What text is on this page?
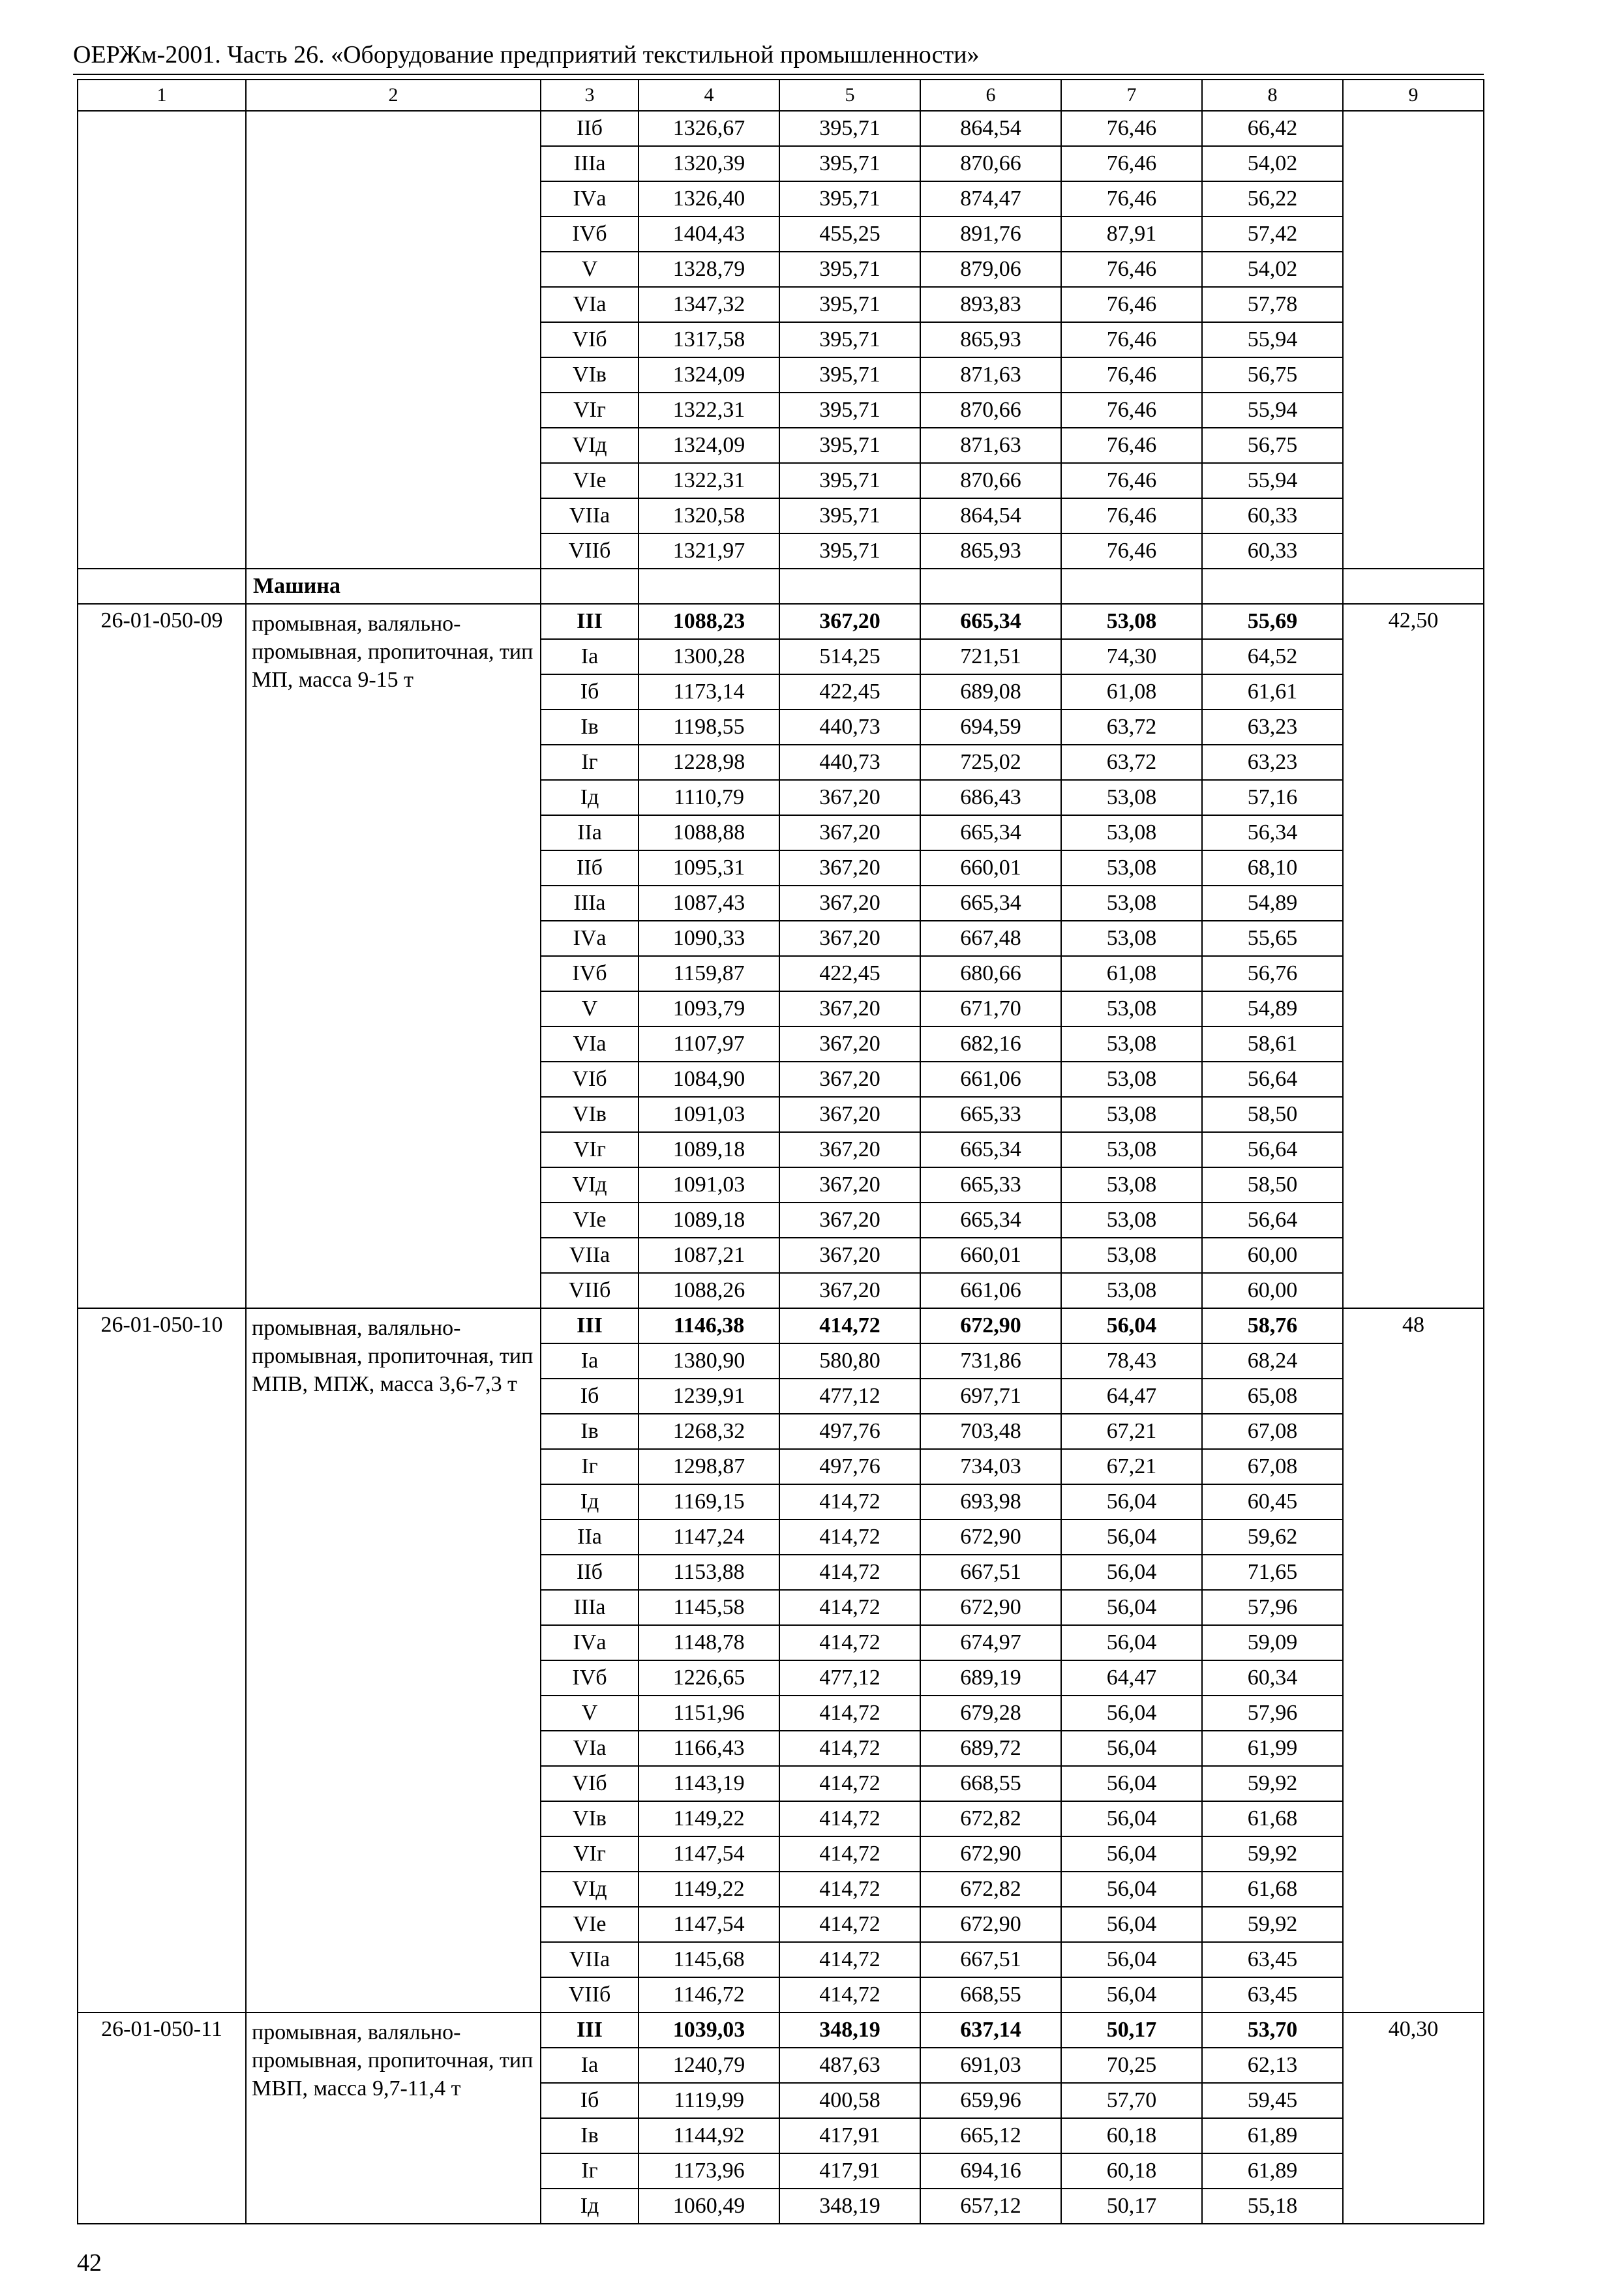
ОЕРЖм-2001. Часть 26. «Оборудование предприятий текстильной промышленности»
1	2	3	4	5	6	7	8	9
		IIб	1326,67	395,71	864,54	76,46	66,42	
		IIIа	1320,39	395,71	870,66	76,46	54,02	
		IVа	1326,40	395,71	874,47	76,46	56,22	
		IVб	1404,43	455,25	891,76	87,91	57,42	
		V	1328,79	395,71	879,06	76,46	54,02	
		VIа	1347,32	395,71	893,83	76,46	57,78	
		VIб	1317,58	395,71	865,93	76,46	55,94	
		VIв	1324,09	395,71	871,63	76,46	56,75	
		VIг	1322,31	395,71	870,66	76,46	55,94	
		VIд	1324,09	395,71	871,63	76,46	56,75	
		VIе	1322,31	395,71	870,66	76,46	55,94	
		VIIа	1320,58	395,71	864,54	76,46	60,33	
		VIIб	1321,97	395,71	865,93	76,46	60,33	
	Машина							
26-01-050-09	промывная, валяльно-промывная, пропиточная, тип МП, масса 9-15 т	III	1088,23	367,20	665,34	53,08	55,69	42,50
		Iа	1300,28	514,25	721,51	74,30	64,52	
		Iб	1173,14	422,45	689,08	61,08	61,61	
		Iв	1198,55	440,73	694,59	63,72	63,23	
		Iг	1228,98	440,73	725,02	63,72	63,23	
		Iд	1110,79	367,20	686,43	53,08	57,16	
		IIа	1088,88	367,20	665,34	53,08	56,34	
		IIб	1095,31	367,20	660,01	53,08	68,10	
		IIIа	1087,43	367,20	665,34	53,08	54,89	
		IVа	1090,33	367,20	667,48	53,08	55,65	
		IVб	1159,87	422,45	680,66	61,08	56,76	
		V	1093,79	367,20	671,70	53,08	54,89	
		VIа	1107,97	367,20	682,16	53,08	58,61	
		VIб	1084,90	367,20	661,06	53,08	56,64	
		VIв	1091,03	367,20	665,33	53,08	58,50	
		VIг	1089,18	367,20	665,34	53,08	56,64	
		VIд	1091,03	367,20	665,33	53,08	58,50	
		VIе	1089,18	367,20	665,34	53,08	56,64	
		VIIа	1087,21	367,20	660,01	53,08	60,00	
		VIIб	1088,26	367,20	661,06	53,08	60,00	
26-01-050-10	промывная, валяльно-промывная, пропиточная, тип МПВ, МПЖ, масса 3,6-7,3 т	III	1146,38	414,72	672,90	56,04	58,76	48
		Iа	1380,90	580,80	731,86	78,43	68,24	
		Iб	1239,91	477,12	697,71	64,47	65,08	
		Iв	1268,32	497,76	703,48	67,21	67,08	
		Iг	1298,87	497,76	734,03	67,21	67,08	
		Iд	1169,15	414,72	693,98	56,04	60,45	
		IIа	1147,24	414,72	672,90	56,04	59,62	
		IIб	1153,88	414,72	667,51	56,04	71,65	
		IIIа	1145,58	414,72	672,90	56,04	57,96	
		IVа	1148,78	414,72	674,97	56,04	59,09	
		IVб	1226,65	477,12	689,19	64,47	60,34	
		V	1151,96	414,72	679,28	56,04	57,96	
		VIа	1166,43	414,72	689,72	56,04	61,99	
		VIб	1143,19	414,72	668,55	56,04	59,92	
		VIв	1149,22	414,72	672,82	56,04	61,68	
		VIг	1147,54	414,72	672,90	56,04	59,92	
		VIд	1149,22	414,72	672,82	56,04	61,68	
		VIе	1147,54	414,72	672,90	56,04	59,92	
		VIIа	1145,68	414,72	667,51	56,04	63,45	
		VIIб	1146,72	414,72	668,55	56,04	63,45	
26-01-050-11	промывная, валяльно-промывная, пропиточная, тип МВП, масса 9,7-11,4 т	III	1039,03	348,19	637,14	50,17	53,70	40,30
		Iа	1240,79	487,63	691,03	70,25	62,13	
		Iб	1119,99	400,58	659,96	57,70	59,45	
		Iв	1144,92	417,91	665,12	60,18	61,89	
		Iг	1173,96	417,91	694,16	60,18	61,89	
		Iд	1060,49	348,19	657,12	50,17	55,18	
42
